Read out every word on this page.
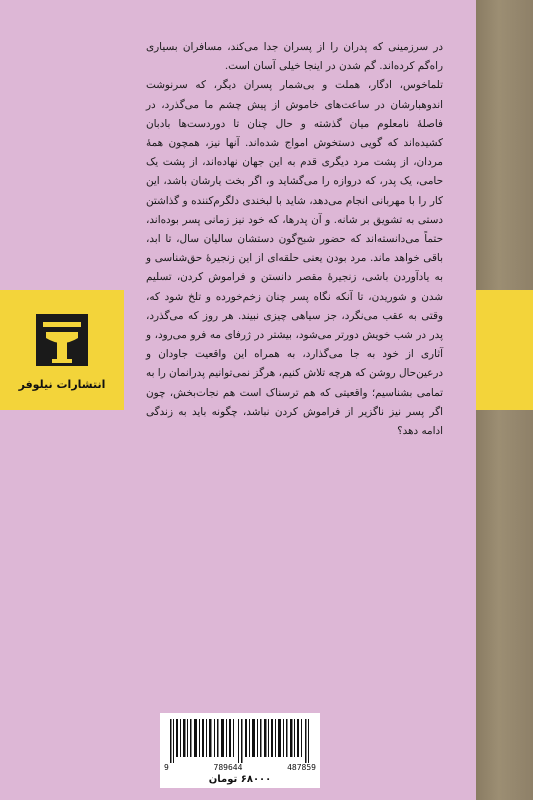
انتشارات نیلوفر

در سرزمینی که پدران را از پسران جدا می‌کند، مسافران بسیاری راه‌گم کرده‌اند. گم شدن در اینجا خیلی آسان است.

تلماخوس، ادگار، هملت و بی‌شمار پسران دیگر، که سرنوشت اندوهبارشان در ساعت‌های خاموش از پیش چشم ما می‌گذرد، در فاصلهٔ نامعلوم میان گذشته و حال چنان تا دوردست‌ها بادبان کشیده‌اند که گویی دستخوش امواج شده‌اند. آنها نیز، همچون همهٔ مردان، از پشت مرد دیگری قدم به این جهان نهاده‌اند، از پشت یک حامی، یک پدر، که دروازه را می‌گشاید و، اگر بخت یارشان باشد، این کار را با مهربانی انجام می‌دهد، شاید با لبخندی دلگرم‌کننده و گذاشتن دستی به تشویق بر شانه. و آن پدرها، که خود نیز زمانی پسر بوده‌اند، حتماً می‌دانسته‌اند که حضور شبح‌گون دستشان سالیان سال، تا ابد، باقی خواهد ماند. مرد بودن یعنی حلقه‌ای از این زنجیرهٔ حق‌شناسی و به یادآوردن باشی، زنجیرهٔ مقصر دانستن و فراموش کردن، تسلیم شدن و شوریدن، تا آنکه نگاه پسر چنان زخم‌خورده و تلخ شود که، وقتی به عقب می‌نگرد، جز سیاهی چیزی نبیند. هر روز که می‌گذرد، پدر در شب خویش دورتر می‌شود، بیشتر در ژرفای مه فرو می‌رود، و آثاری از خود به جا می‌گذارد، به همراه این واقعیت جاودان و درعین‌حال روشن که هرچه تلاش کنیم، هرگز نمی‌توانیم پدرانمان را به تمامی بشناسیم؛ واقعیتی که هم ترسناک است هم نجات‌بخش، چون اگر پسر نیز ناگزیر از فراموش کردن نباشد، چگونه باید به زندگی ادامه دهد؟

9	789644	487859
۶۸۰۰۰ تومان
